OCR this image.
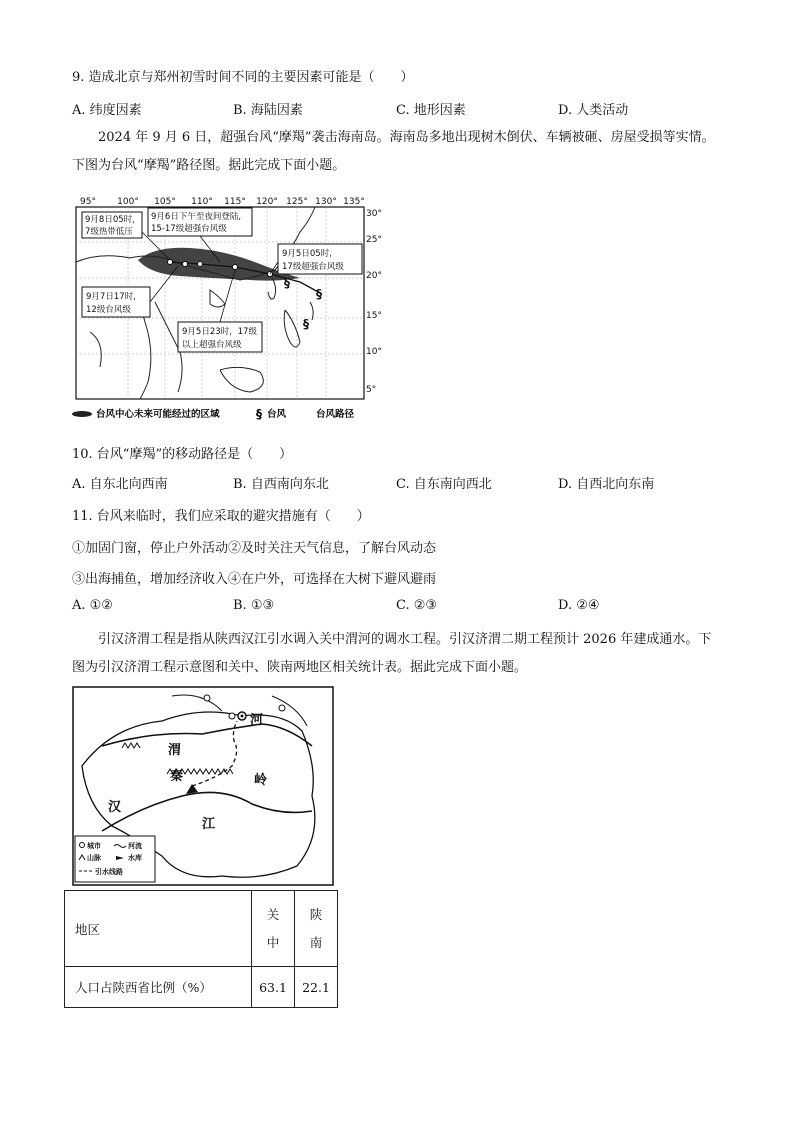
9. 造成北京与郑州初雪时间不同的主要因素可能是（　　）
A. 纬度因素	B. 海陆因素	C. 地形因素	D. 人类活动
2024 年 9 月 6 日，超强台风“摩羯”袭击海南岛。海南岛多地出现树木倒伏、车辆被砸、房屋受损等实情。下图为台风“摩羯”路径图。据此完成下面小题。
95° 100° 105° 110° 115° 120° 125° 130° 135°
30°
25°
20°
15°
10°
5°
§
§
§
9月8日05时，
7级热带低压
9月6日下午至夜间登陆,
15-17级超强台风级
9月5日05时，
17级超强台风级
9月7日17时，
12级台风级
9月5日23时，17级
以上超强台风级
台风中心未来可能经过的区域	§ 台风	台风路径
10. 台风“摩羯”的移动路径是（　　）
A. 自东北向西南	B. 自西南向东北	C. 自东南向西北	D. 自西北向东南
11. 台风来临时，我们应采取的避灾措施有（　　）
①加固门窗，停止户外活动②及时关注天气信息，了解台风动态
③出海捕鱼，增加经济收入④在户外，可选择在大树下避风避雨
A. ①②	B. ①③	C. ②③	D. ②④
引汉济渭工程是指从陕西汉江引水调入关中渭河的调水工程。引汉济渭二期工程预计 2026 年建成通水。下图为引汉济渭工程示意图和关中、陕南两地区相关统计表。据此完成下面小题。
河
渭
秦	岭
汉
江
城市	河流
山脉	水库
引水线路
地区	关中	陕南

人口占陕西省比例（%）	63.1	22.1
